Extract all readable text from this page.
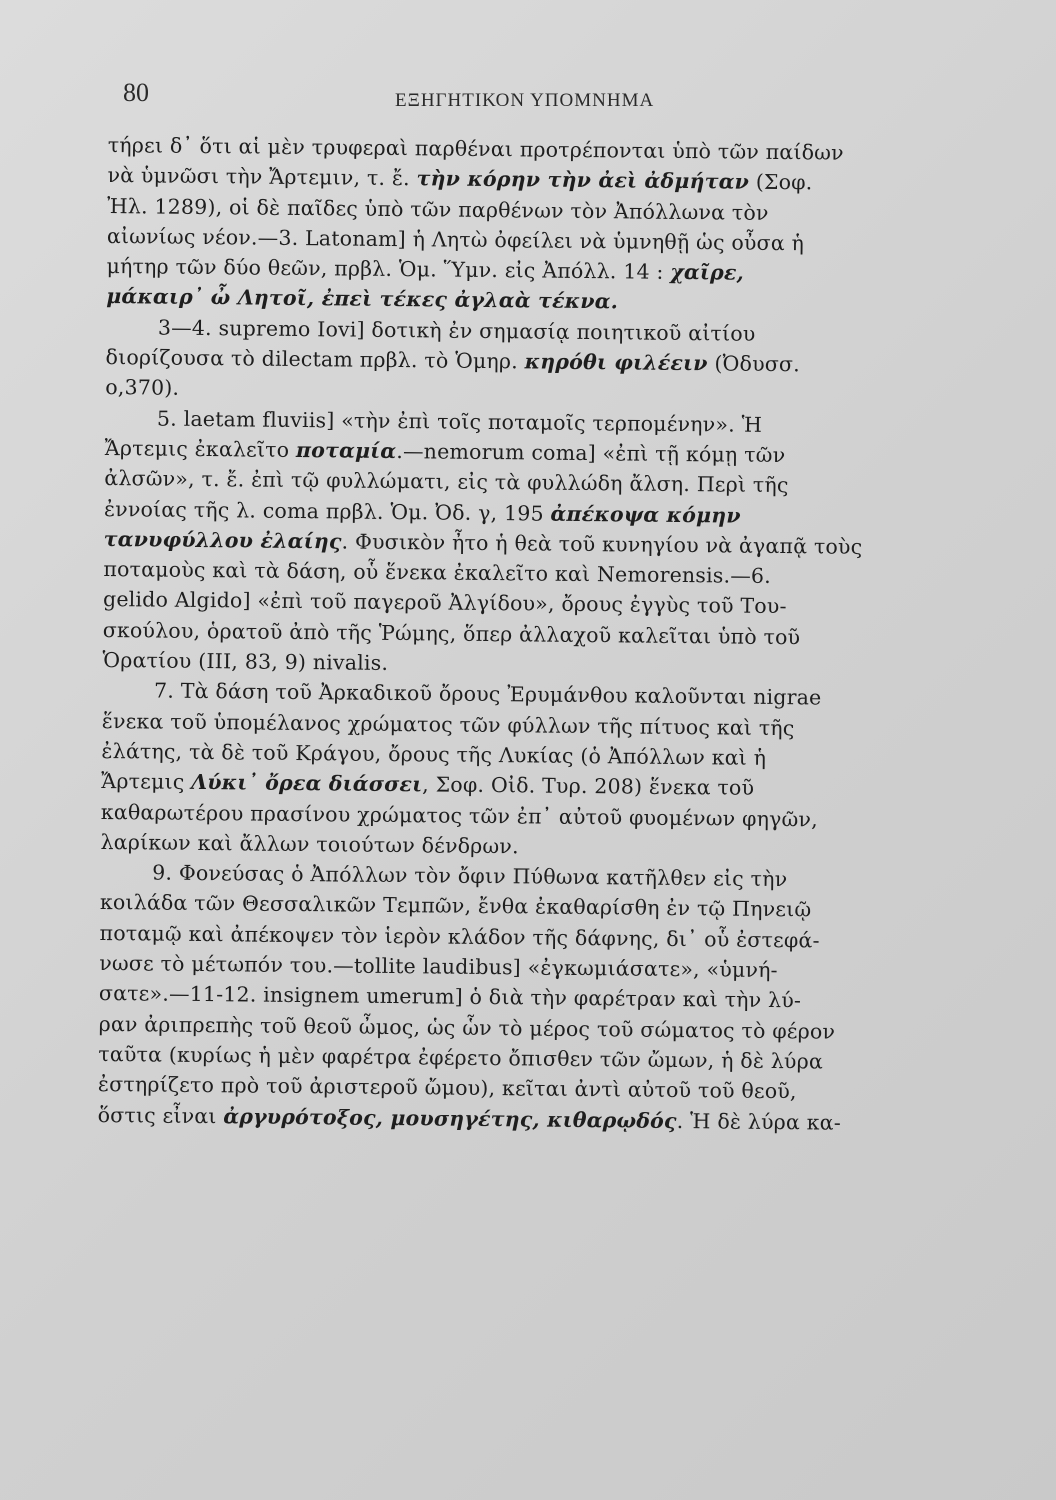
80	ΕΞΗΓΗΤΙΚΟΝ ΥΠΟΜΝΗΜΑ
τήρει δ᾽ ὅτι αἱ μὲν τρυφεραὶ παρθέναι προτρέπονται ὑπὸ τῶν παίδων
νὰ ὑμνῶσι τὴν Ἄρτεμιν, τ. ἔ. τὴν κόρην τὴν ἀεὶ ἀδμήταν (Σοφ.
Ἠλ. 1289), οἱ δὲ παῖδες ὑπὸ τῶν παρθένων τὸν Ἀπόλλωνα τὸν
αἰωνίως νέον.—3. Latonam] ἡ Λητὼ ὀφείλει νὰ ὑμνηθῇ ὡς οὖσα ἡ
μήτηρ τῶν δύο θεῶν, πρβλ. Ὁμ. Ὕμν. εἰς Ἀπόλλ. 14 : χαῖρε,
μάκαιρ᾽ ὦ Λητοῖ, ἐπεὶ τέκες ἀγλαὰ τέκνα.
3—4. supremo Iovi] δοτικὴ ἐν σημασίᾳ ποιητικοῦ αἰτίου
διορίζουσα τὸ dilectam πρβλ. τὸ Ὁμηρ. κηρόθι φιλέειν (Ὀδυσσ.
ο,370).
5. laetam fluviis] «τὴν ἐπὶ τοῖς ποταμοῖς τερπομένην». Ἡ
Ἄρτεμις ἐκαλεῖτο ποταμία.—nemorum coma] «ἐπὶ τῇ κόμῃ τῶν
ἀλσῶν», τ. ἔ. ἐπὶ τῷ φυλλώματι, εἰς τὰ φυλλώδη ἄλση. Περὶ τῆς
ἐννοίας τῆς λ. coma πρβλ. Ὁμ. Ὀδ. γ, 195 ἀπέκοψα κόμην
τανυφύλλου ἐλαίης. Φυσικὸν ἦτο ἡ θεὰ τοῦ κυνηγίου νὰ ἀγαπᾷ τοὺς
ποταμοὺς καὶ τὰ δάση, οὗ ἕνεκα ἐκαλεῖτο καὶ Nemorensis.—6.
gelido Algido] «ἐπὶ τοῦ παγεροῦ Ἀλγίδου», ὄρους ἐγγὺς τοῦ Του-
σκούλου, ὁρατοῦ ἀπὸ τῆς Ῥώμης, ὅπερ ἀλλαχοῦ καλεῖται ὑπὸ τοῦ
Ὁρατίου (III, 83, 9) nivalis.
7. Τὰ δάση τοῦ Ἀρκαδικοῦ ὄρους Ἐρυμάνθου καλοῦνται nigrae
ἕνεκα τοῦ ὑπομέλανος χρώματος τῶν φύλλων τῆς πίτυος καὶ τῆς
ἐλάτης, τὰ δὲ τοῦ Κράγου, ὄρους τῆς Λυκίας (ὁ Ἀπόλλων καὶ ἡ
Ἄρτεμις Λύκι᾽ ὄρεα διάσσει, Σοφ. Οἰδ. Τυρ. 208) ἕνεκα τοῦ
καθαρωτέρου πρασίνου χρώματος τῶν ἐπ᾽ αὐτοῦ φυομένων φηγῶν,
λαρίκων καὶ ἄλλων τοιούτων δένδρων.
9. Φονεύσας ὁ Ἀπόλλων τὸν ὄφιν Πύθωνα κατῆλθεν εἰς τὴν
κοιλάδα τῶν Θεσσαλικῶν Τεμπῶν, ἔνθα ἐκαθαρίσθη ἐν τῷ Πηνειῷ
ποταμῷ καὶ ἀπέκοψεν τὸν ἱερὸν κλάδον τῆς δάφνης, δι᾽ οὗ ἐστεφά-
νωσε τὸ μέτωπόν του.—tollite laudibus] «ἐγκωμιάσατε», «ὑμνή-
σατε».—11-12. insignem umerum] ὁ διὰ τὴν φαρέτραν καὶ τὴν λύ-
ραν ἀριπρεπὴς τοῦ θεοῦ ὦμος, ὡς ὧν τὸ μέρος τοῦ σώματος τὸ φέρον
ταῦτα (κυρίως ἡ μὲν φαρέτρα ἐφέρετο ὄπισθεν τῶν ὤμων, ἡ δὲ λύρα
ἐστηρίζετο πρὸ τοῦ ἀριστεροῦ ὤμου), κεῖται ἀντὶ αὐτοῦ τοῦ θεοῦ,
ὅστις εἶναι ἀργυρότοξος, μουσηγέτης, κιθαρῳδός. Ἡ δὲ λύρα κα-
